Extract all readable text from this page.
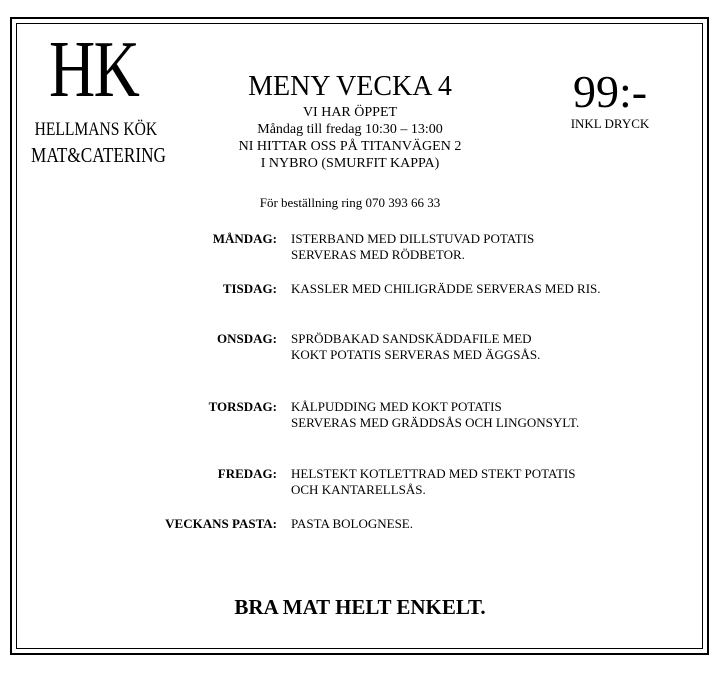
HK
HELLMANS KÖK
MAT&CATERING
MENY VECKA 4
VI HAR ÖPPET
Måndag till fredag 10:30 – 13:00
NI HITTAR OSS PÅ TITANVÄGEN 2
I NYBRO (SMURFIT KAPPA)
99:-
INKL DRYCK
För beställning ring 070 393 66 33
MÅNDAG: ISTERBAND MED DILLSTUVAD POTATIS
SERVERAS MED RÖDBETOR.
TISDAG: KASSLER MED CHILIGRÄDDE SERVERAS MED RIS.
ONSDAG: SPRÖDBAKAD SANDSKÄDDAFILE MED
KOKT POTATIS SERVERAS MED ÄGGSÅS.
TORSDAG: KÅLPUDDING MED KOKT POTATIS
SERVERAS MED GRÄDDSÅS OCH LINGONSYLT.
FREDAG: HELSTEKT KOTLETTRAD MED STEKT POTATIS
OCH KANTARELLSÅS.
VECKANS PASTA: PASTA BOLOGNESE.
BRA MAT HELT ENKELT.
